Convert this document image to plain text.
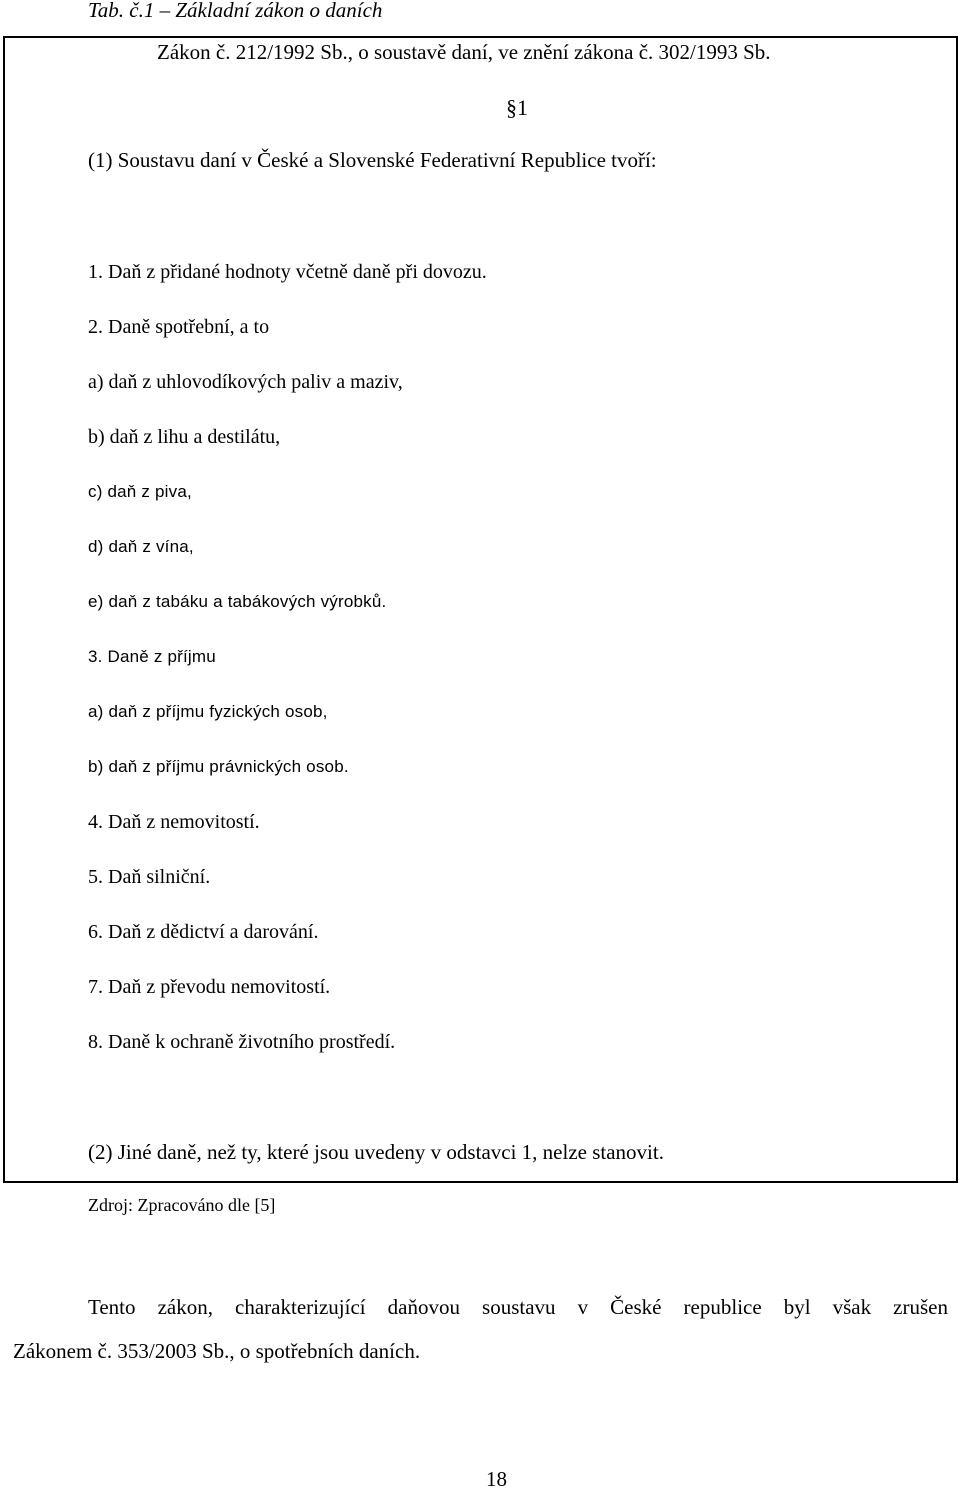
Tab. č.1 – Základní zákon o daních
Zákon č. 212/1992 Sb., o soustavě daní, ve znění zákona č. 302/1993 Sb.
§1
(1) Soustavu daní v České a Slovenské Federativní Republice tvoří:
1. Daň z přidané hodnoty včetně daně při dovozu.
2. Daně spotřební, a to
a) daň z uhlovodíkových paliv a maziv,
b) daň z lihu a destilátu,
c) daň z piva,
d) daň z vína,
e) daň z tabáku a tabákových výrobků.
3. Daně z příjmu
a) daň z příjmu fyzických osob,
b) daň z příjmu právnických osob.
4. Daň z nemovitostí.
5. Daň silniční.
6. Daň z dědictví a darování.
7. Daň z převodu nemovitostí.
8. Daně k ochraně životního prostředí.
(2) Jiné daně, než ty, které jsou uvedeny v odstavci 1, nelze stanovit.
Zdroj: Zpracováno dle [5]
Tento zákon, charakterizující daňovou soustavu v České republice byl však zrušen
Zákonem č. 353/2003 Sb., o spotřebních daních.
18
